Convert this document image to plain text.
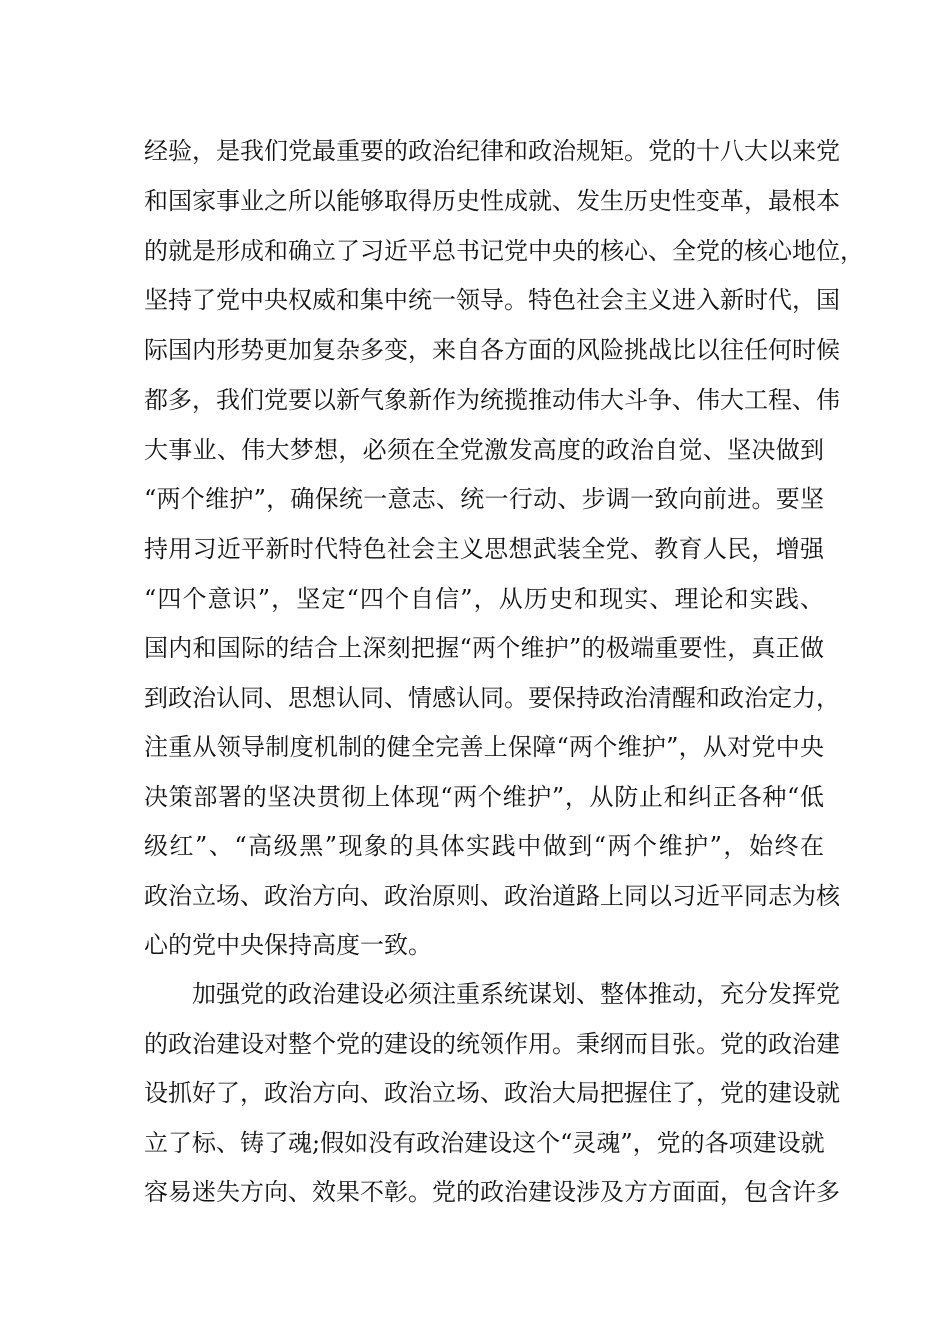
经验，是我们党最重要的政治纪律和政治规矩。党的十八大以来党
和国家事业之所以能够取得历史性成就、发生历史性变革，最根本
的就是形成和确立了习近平总书记党中央的核心、全党的核心地位，
坚持了党中央权威和集中统一领导。特色社会主义进入新时代，国
际国内形势更加复杂多变，来自各方面的风险挑战比以往任何时候
都多，我们党要以新气象新作为统揽推动伟大斗争、伟大工程、伟
大事业、伟大梦想，必须在全党激发高度的政治自觉、坚决做到
“两个维护”，确保统一意志、统一行动、步调一致向前进。要坚
持用习近平新时代特色社会主义思想武装全党、教育人民，增强
“四个意识”，坚定“四个自信”，从历史和现实、理论和实践、
国内和国际的结合上深刻把握“两个维护”的极端重要性，真正做
到政治认同、思想认同、情感认同。要保持政治清醒和政治定力，
注重从领导制度机制的健全完善上保障“两个维护”，从对党中央
决策部署的坚决贯彻上体现“两个维护”，从防止和纠正各种“低
级红”、“高级黑”现象的具体实践中做到“两个维护”，始终在
政治立场、政治方向、政治原则、政治道路上同以习近平同志为核
心的党中央保持高度一致。
加强党的政治建设必须注重系统谋划、整体推动，充分发挥党
的政治建设对整个党的建设的统领作用。秉纲而目张。党的政治建
设抓好了，政治方向、政治立场、政治大局把握住了，党的建设就
立了标、铸了魂;假如没有政治建设这个“灵魂”，党的各项建设就
容易迷失方向、效果不彰。党的政治建设涉及方方面面，包含许多
